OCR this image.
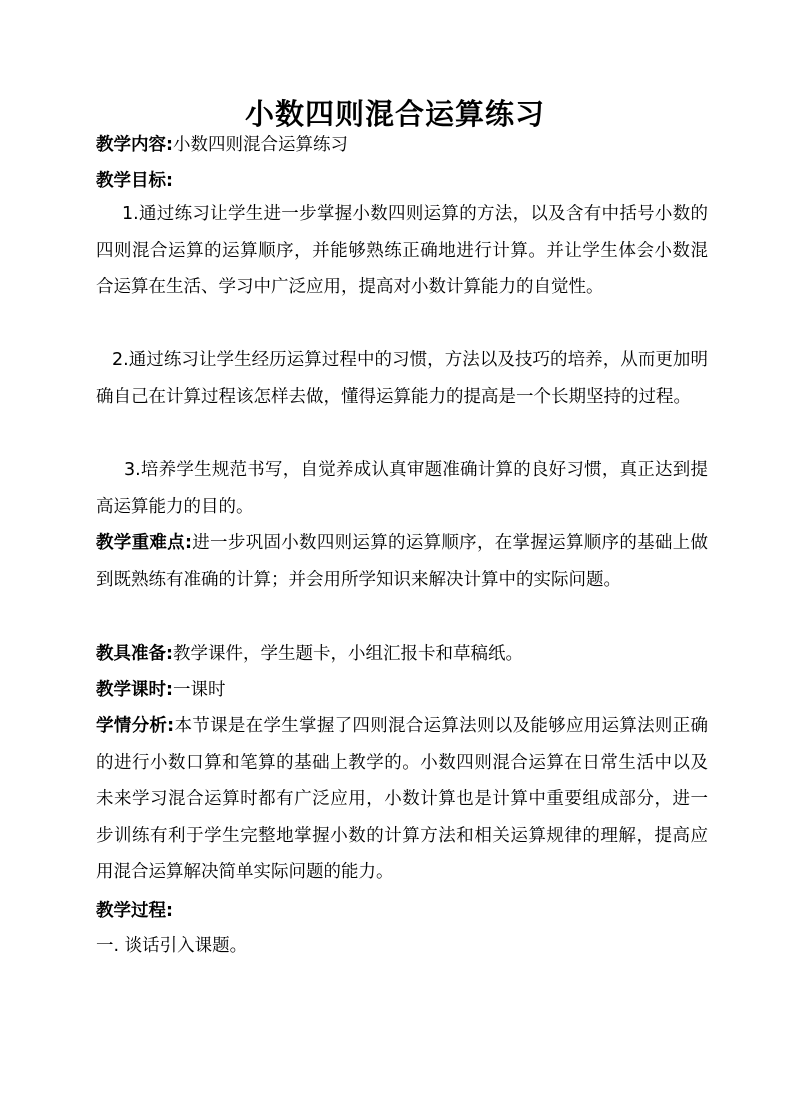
小数四则混合运算练习
教学内容:小数四则混合运算练习
教学目标:
1.通过练习让学生进一步掌握小数四则运算的方法，以及含有中括号小数的四则混合运算的运算顺序，并能够熟练正确地进行计算。并让学生体会小数混合运算在生活、学习中广泛应用，提高对小数计算能力的自觉性。
2.通过练习让学生经历运算过程中的习惯，方法以及技巧的培养，从而更加明确自己在计算过程该怎样去做，懂得运算能力的提高是一个长期坚持的过程。
3.培养学生规范书写，自觉养成认真审题准确计算的良好习惯，真正达到提高运算能力的目的。
教学重难点:进一步巩固小数四则运算的运算顺序，在掌握运算顺序的基础上做到既熟练有准确的计算；并会用所学知识来解决计算中的实际问题。
教具准备:教学课件，学生题卡，小组汇报卡和草稿纸。
教学课时:一课时
学情分析:本节课是在学生掌握了四则混合运算法则以及能够应用运算法则正确的进行小数口算和笔算的基础上教学的。小数四则混合运算在日常生活中以及未来学习混合运算时都有广泛应用，小数计算也是计算中重要组成部分，进一步训练有利于学生完整地掌握小数的计算方法和相关运算规律的理解，提高应用混合运算解决简单实际问题的能力。
教学过程:
一. 谈话引入课题。
